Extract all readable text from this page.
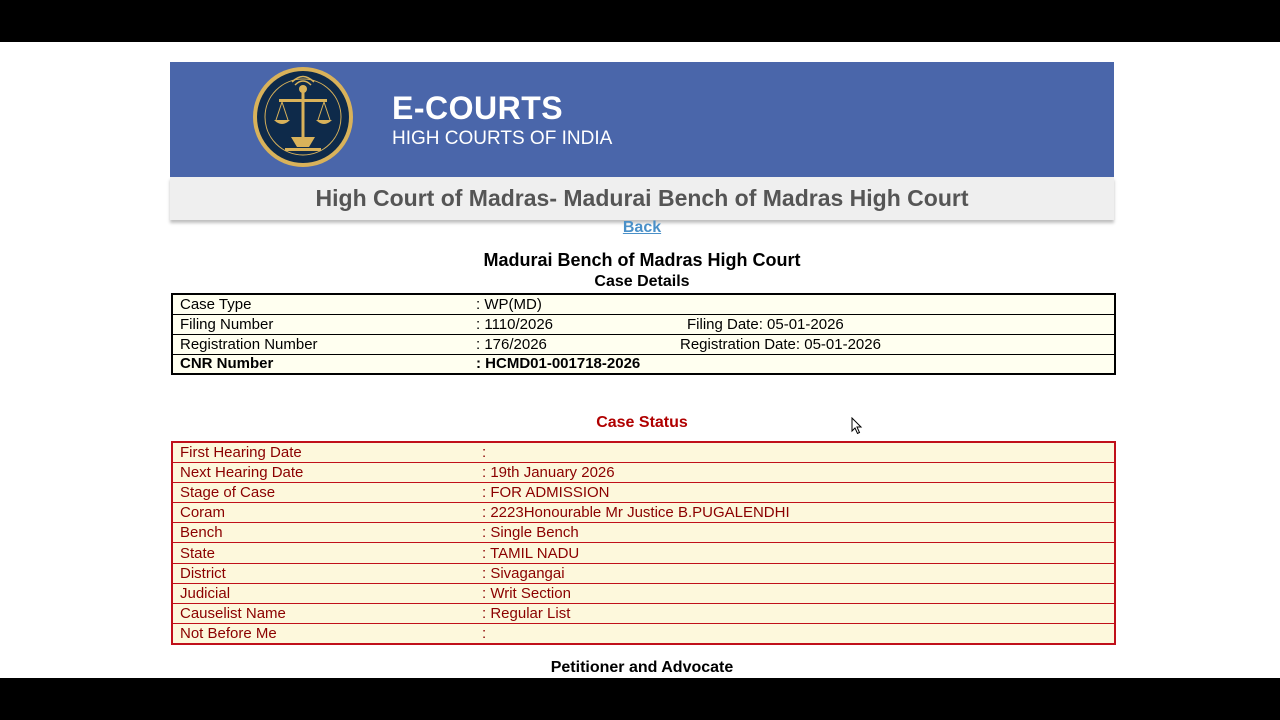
E-COURTS
HIGH COURTS OF INDIA
High Court of Madras- Madurai Bench of Madras High Court
Back
Madurai Bench of Madras High Court
Case Details
Case Type	: WP(MD)	
Filing Number	: 1110/2026	Filing Date: 05-01-2026
Registration Number	: 176/2026	Registration Date: 05-01-2026
CNR Number	: HCMD01-001718-2026	
Case Status
First Hearing Date	:
Next Hearing Date	: 19th January 2026
Stage of Case	: FOR ADMISSION
Coram	: 2223Honourable Mr Justice B.PUGALENDHI
Bench	: Single Bench
State	: TAMIL NADU
District	: Sivagangai
Judicial	: Writ Section
Causelist Name	: Regular List
Not Before Me	:
Petitioner and Advocate
